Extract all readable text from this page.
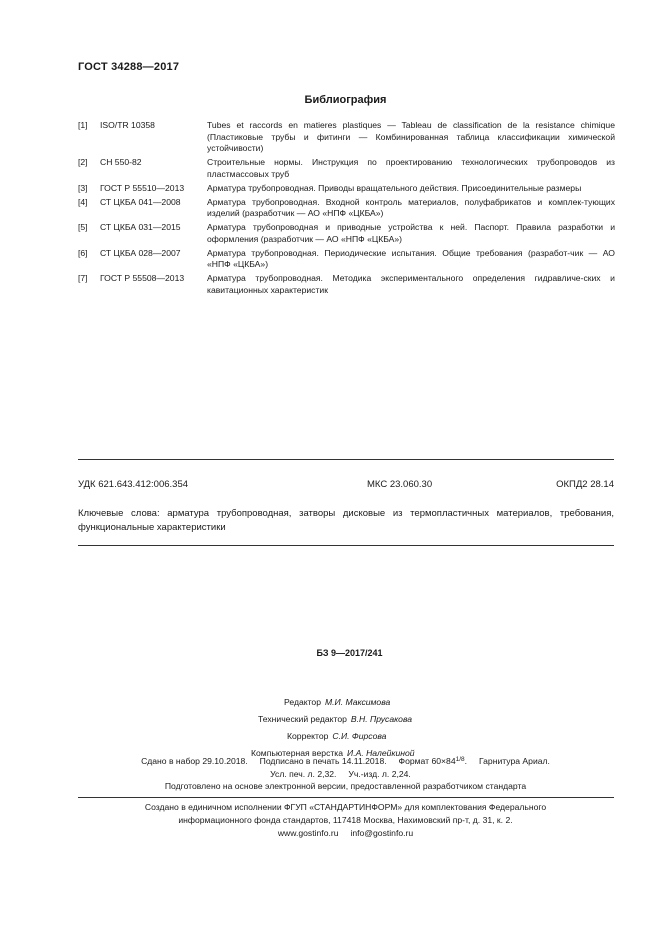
ГОСТ 34288—2017
Библиография
[1]	ISO/TR 10358	Tubes et raccords en matieres plastiques — Tableau de classification de la resistance chimique (Пластиковые трубы и фитинги — Комбинированная таблица классификации химической устойчивости)
[2]	СН 550-82	Строительные нормы. Инструкция по проектированию технологических трубопроводов из пластмассовых труб
[3]	ГОСТ Р 55510—2013	Арматура трубопроводная. Приводы вращательного действия. Присоединительные размеры
[4]	СТ ЦКБА 041—2008	Арматура трубопроводная. Входной контроль материалов, полуфабрикатов и комплек-тующих изделий (разработчик — АО «НПФ «ЦКБА»)
[5]	СТ ЦКБА 031—2015	Арматура трубопроводная и приводные устройства к ней. Паспорт. Правила разработки и оформления (разработчик — АО «НПФ «ЦКБА»)
[6]	СТ ЦКБА 028—2007	Арматура трубопроводная. Периодические испытания. Общие требования (разработ-чик — АО «НПФ «ЦКБА»)
[7]	ГОСТ Р 55508—2013	Арматура трубопроводная. Методика экспериментального определения гидравличе-ских и кавитационных характеристик
УДК 621.643.412:006.354	МКС 23.060.30	ОКПД2 28.14
Ключевые слова: арматура трубопроводная, затворы дисковые из термопластичных материалов, требования, функциональные характеристики
БЗ 9—2017/241
Редактор М.И. Максимова
Технический редактор В.Н. Прусакова
Корректор С.И. Фирсова
Компьютерная верстка И.А. Налейкиной
Сдано в набор 29.10.2018.     Подписано в печать 14.11.2018.     Формат $60\times 84^{1/8}$.     Гарнитура Ариал.
Усл. печ. л. 2,32.     Уч.-изд. л. 2,24.
Подготовлено на основе электронной версии, предоставленной разработчиком стандарта
Создано в единичном исполнении ФГУП «СТАНДАРТИНФОРМ» для комплектования Федерального
информационного фонда стандартов, 117418 Москва, Нахимовский пр-т, д. 31, к. 2.
www.gostinfo.ru     info@gostinfo.ru
